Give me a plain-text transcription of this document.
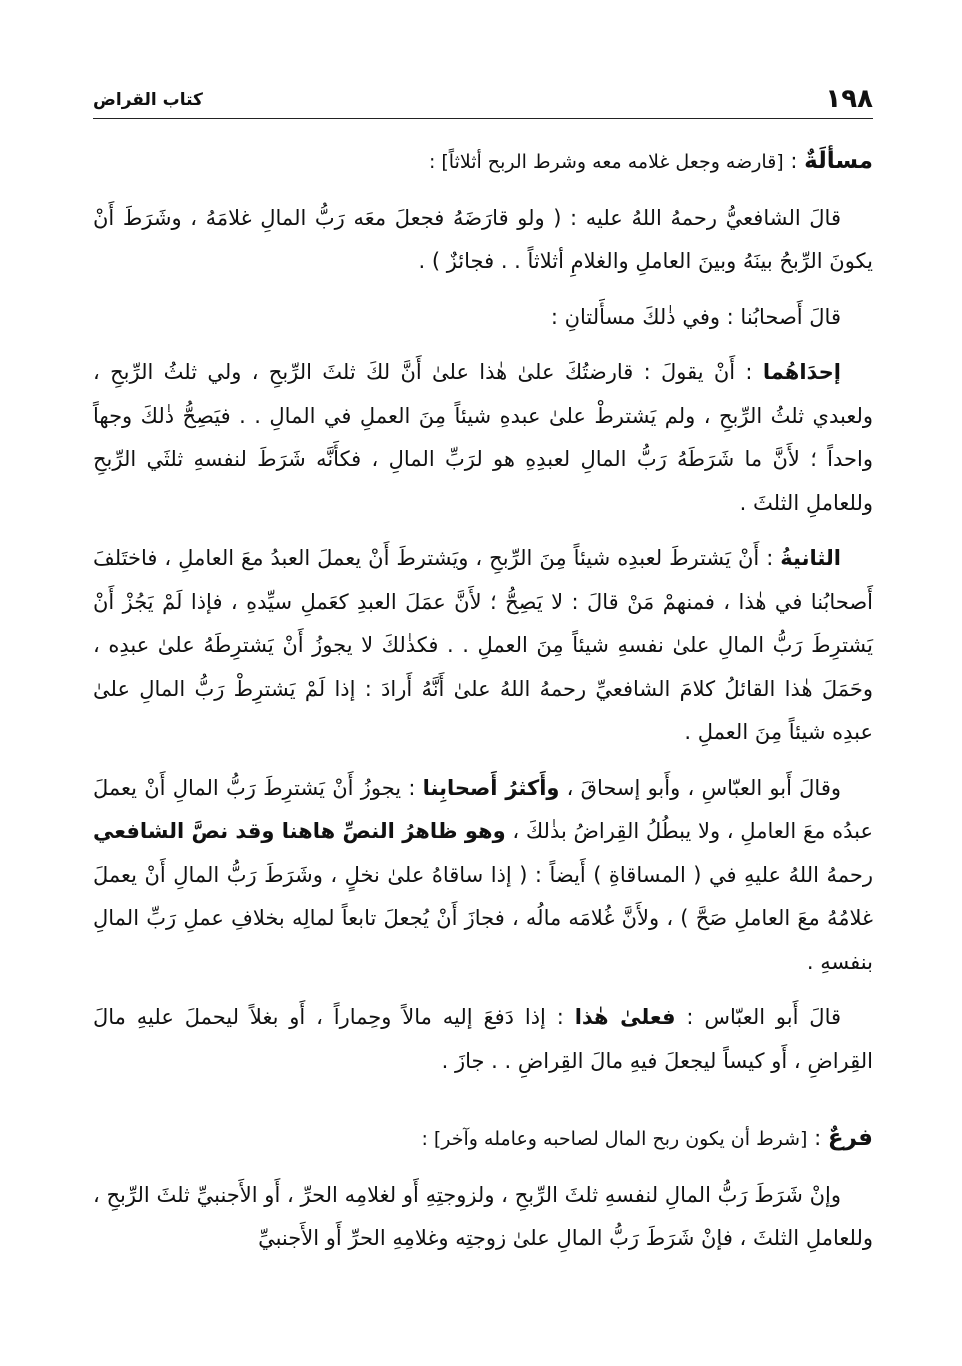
١٩٨
كتاب القراض

مسألَةٌ : [قارضه وجعل غلامه معه وشرط الربح أثلاثاً] :

قالَ الشافعيُّ رحمهُ اللهُ عليه : ( ولو قارَضَهُ فجعلَ معَه رَبُّ المالِ غلامَهُ ، وشَرَطَ أَنْ يكونَ الرِّبحُ بينَهُ وبينَ العاملِ والغلامِ أثلاثاً . . فجائزٌ ) .

قالَ أَصحابُنا : وفي ذٰلكَ مسأَلتانِ :

إحدَاهُما : أَنْ يقولَ : قارضتُكَ علىٰ هٰذا علىٰ أَنَّ لكَ ثلثَ الرِّبحِ ، ولي ثلثُ الرِّبحِ ، ولعبدي ثلثُ الرِّبحِ ، ولم يَشترطْ علىٰ عبدهِ شيئاً مِنَ العملِ في المالِ . . فيَصِحُّ ذٰلكَ وجهاً واحداً ؛ لأَنَّ ما شَرَطَهُ رَبُّ المالِ لعبدِهِ هو لرَبِّ المالِ ، فكأَنَّه شَرَطَ لنفسهِ ثلثَي الرِّبحِ وللعاملِ الثلثَ .

الثانيةُ : أَنْ يَشترطَ لعبدِه شيئاً مِنَ الرِّبحِ ، ويَشترطَ أَنْ يعملَ العبدُ معَ العاملِ ، فاختَلفَ أَصحابُنا في هٰذا ، فمنهمْ مَنْ قالَ : لا يَصِحُّ ؛ لأَنَّ عمَلَ العبدِ كعَملِ سيِّدهِ ، فإذا لَمْ يَجُزْ أَنْ يَشترِطَ رَبُّ المالِ علىٰ نفسهِ شيئاً مِنَ العملِ . . فكذٰلكَ لا يجوزُ أَنْ يَشترِطَهُ علىٰ عبدِه ، وحَمَلَ هٰذا القائلُ كلامَ الشافعيِّ رحمهُ اللهُ علىٰ أَنَّهُ أَرادَ : إذا لَمْ يَشترِطْ رَبُّ المالِ علىٰ عبدِه شيئاً مِنَ العملِ .

وقالَ أَبو العبّاسِ ، وأَبو إسحاقَ ، وأَكثرُ أَصحابِنا : يجوزُ أَنْ يَشترِطَ رَبُّ المالِ أَنْ يعملَ عبدُه معَ العاملِ ، ولا يبطُلُ القِراضُ بذٰلكَ ، وهو ظاهرُ النصِّ هاهنا وقد نصَّ الشافعي رحمهُ اللهُ عليهِ في ( المساقاةِ ) أَيضاً : ( إذا ساقاهُ علىٰ نخلٍ ، وشَرَطَ رَبُّ المالِ أَنْ يعملَ غلامُهُ معَ العاملِ صَحَّ ) ، ولأَنَّ غُلامَه مالُه ، فجازَ أَنْ يُجعلَ تابعاً لمالِه بخلافِ عملِ رَبِّ المالِ بنفسهِ .

قالَ أَبو العبّاس : فعلىٰ هٰذا : إذا دَفعَ إليه مالاً وحِماراً ، أَو بغلاً ليحملَ عليهِ مالَ القِراضِ ، أَو كيساً ليجعلَ فيهِ مالَ القِراضِ . . جازَ .

فرعٌ : [شرط أن يكون ربح المال لصاحبه وعامله وآخر] :

وإنْ شَرَطَ رَبُّ المالِ لنفسهِ ثلثَ الرِّبحِ ، ولزوجتِهِ أَو لغلامِه الحرِّ ، أَو الأَجنبيِّ ثلثَ الرِّبحِ ، وللعاملِ الثلثَ ، فإنْ شَرَطَ رَبُّ المالِ علىٰ زوجتِه وغلامِهِ الحرِّ أَو الأَجنبيِّ
